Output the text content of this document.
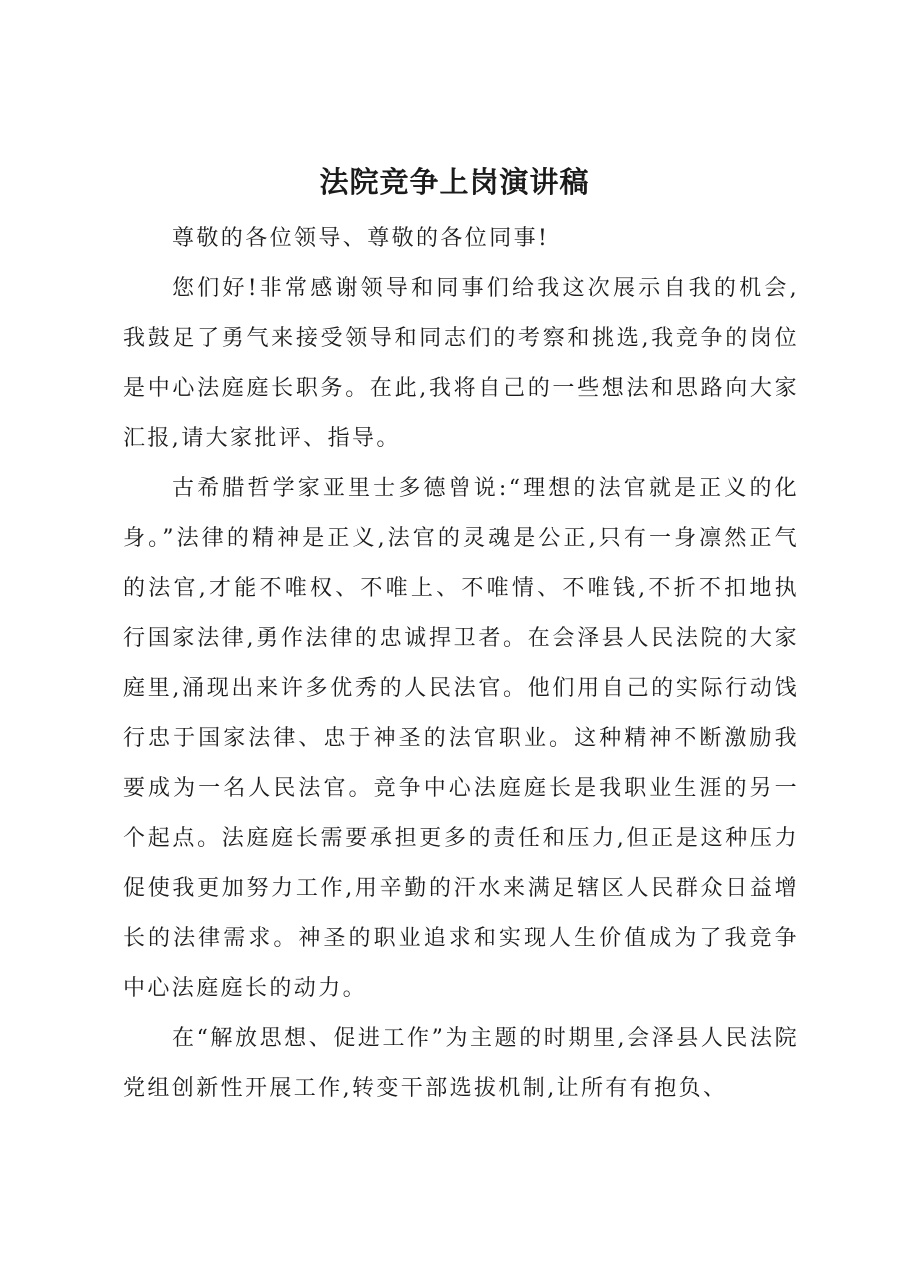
法院竞争上岗演讲稿

尊敬的各位领导、尊敬的各位同事!

您们好!非常感谢领导和同事们给我这次展示自我的机会,我鼓足了勇气来接受领导和同志们的考察和挑选,我竞争的岗位是中心法庭庭长职务。在此,我将自己的一些想法和思路向大家汇报,请大家批评、指导。

古希腊哲学家亚里士多德曾说:“理想的法官就是正义的化身。”法律的精神是正义,法官的灵魂是公正,只有一身凛然正气的法官,才能不唯权、不唯上、不唯情、不唯钱,不折不扣地执行国家法律,勇作法律的忠诚捍卫者。在会泽县人民法院的大家庭里,涌现出来许多优秀的人民法官。他们用自己的实际行动饯行忠于国家法律、忠于神圣的法官职业。这种精神不断激励我要成为一名人民法官。竞争中心法庭庭长是我职业生涯的另一个起点。法庭庭长需要承担更多的责任和压力,但正是这种压力促使我更加努力工作,用辛勤的汗水来满足辖区人民群众日益增长的法律需求。神圣的职业追求和实现人生价值成为了我竞争中心法庭庭长的动力。

在“解放思想、促进工作”为主题的时期里,会泽县人民法院党组创新性开展工作,转变干部选拔机制,让所有有抱负、
